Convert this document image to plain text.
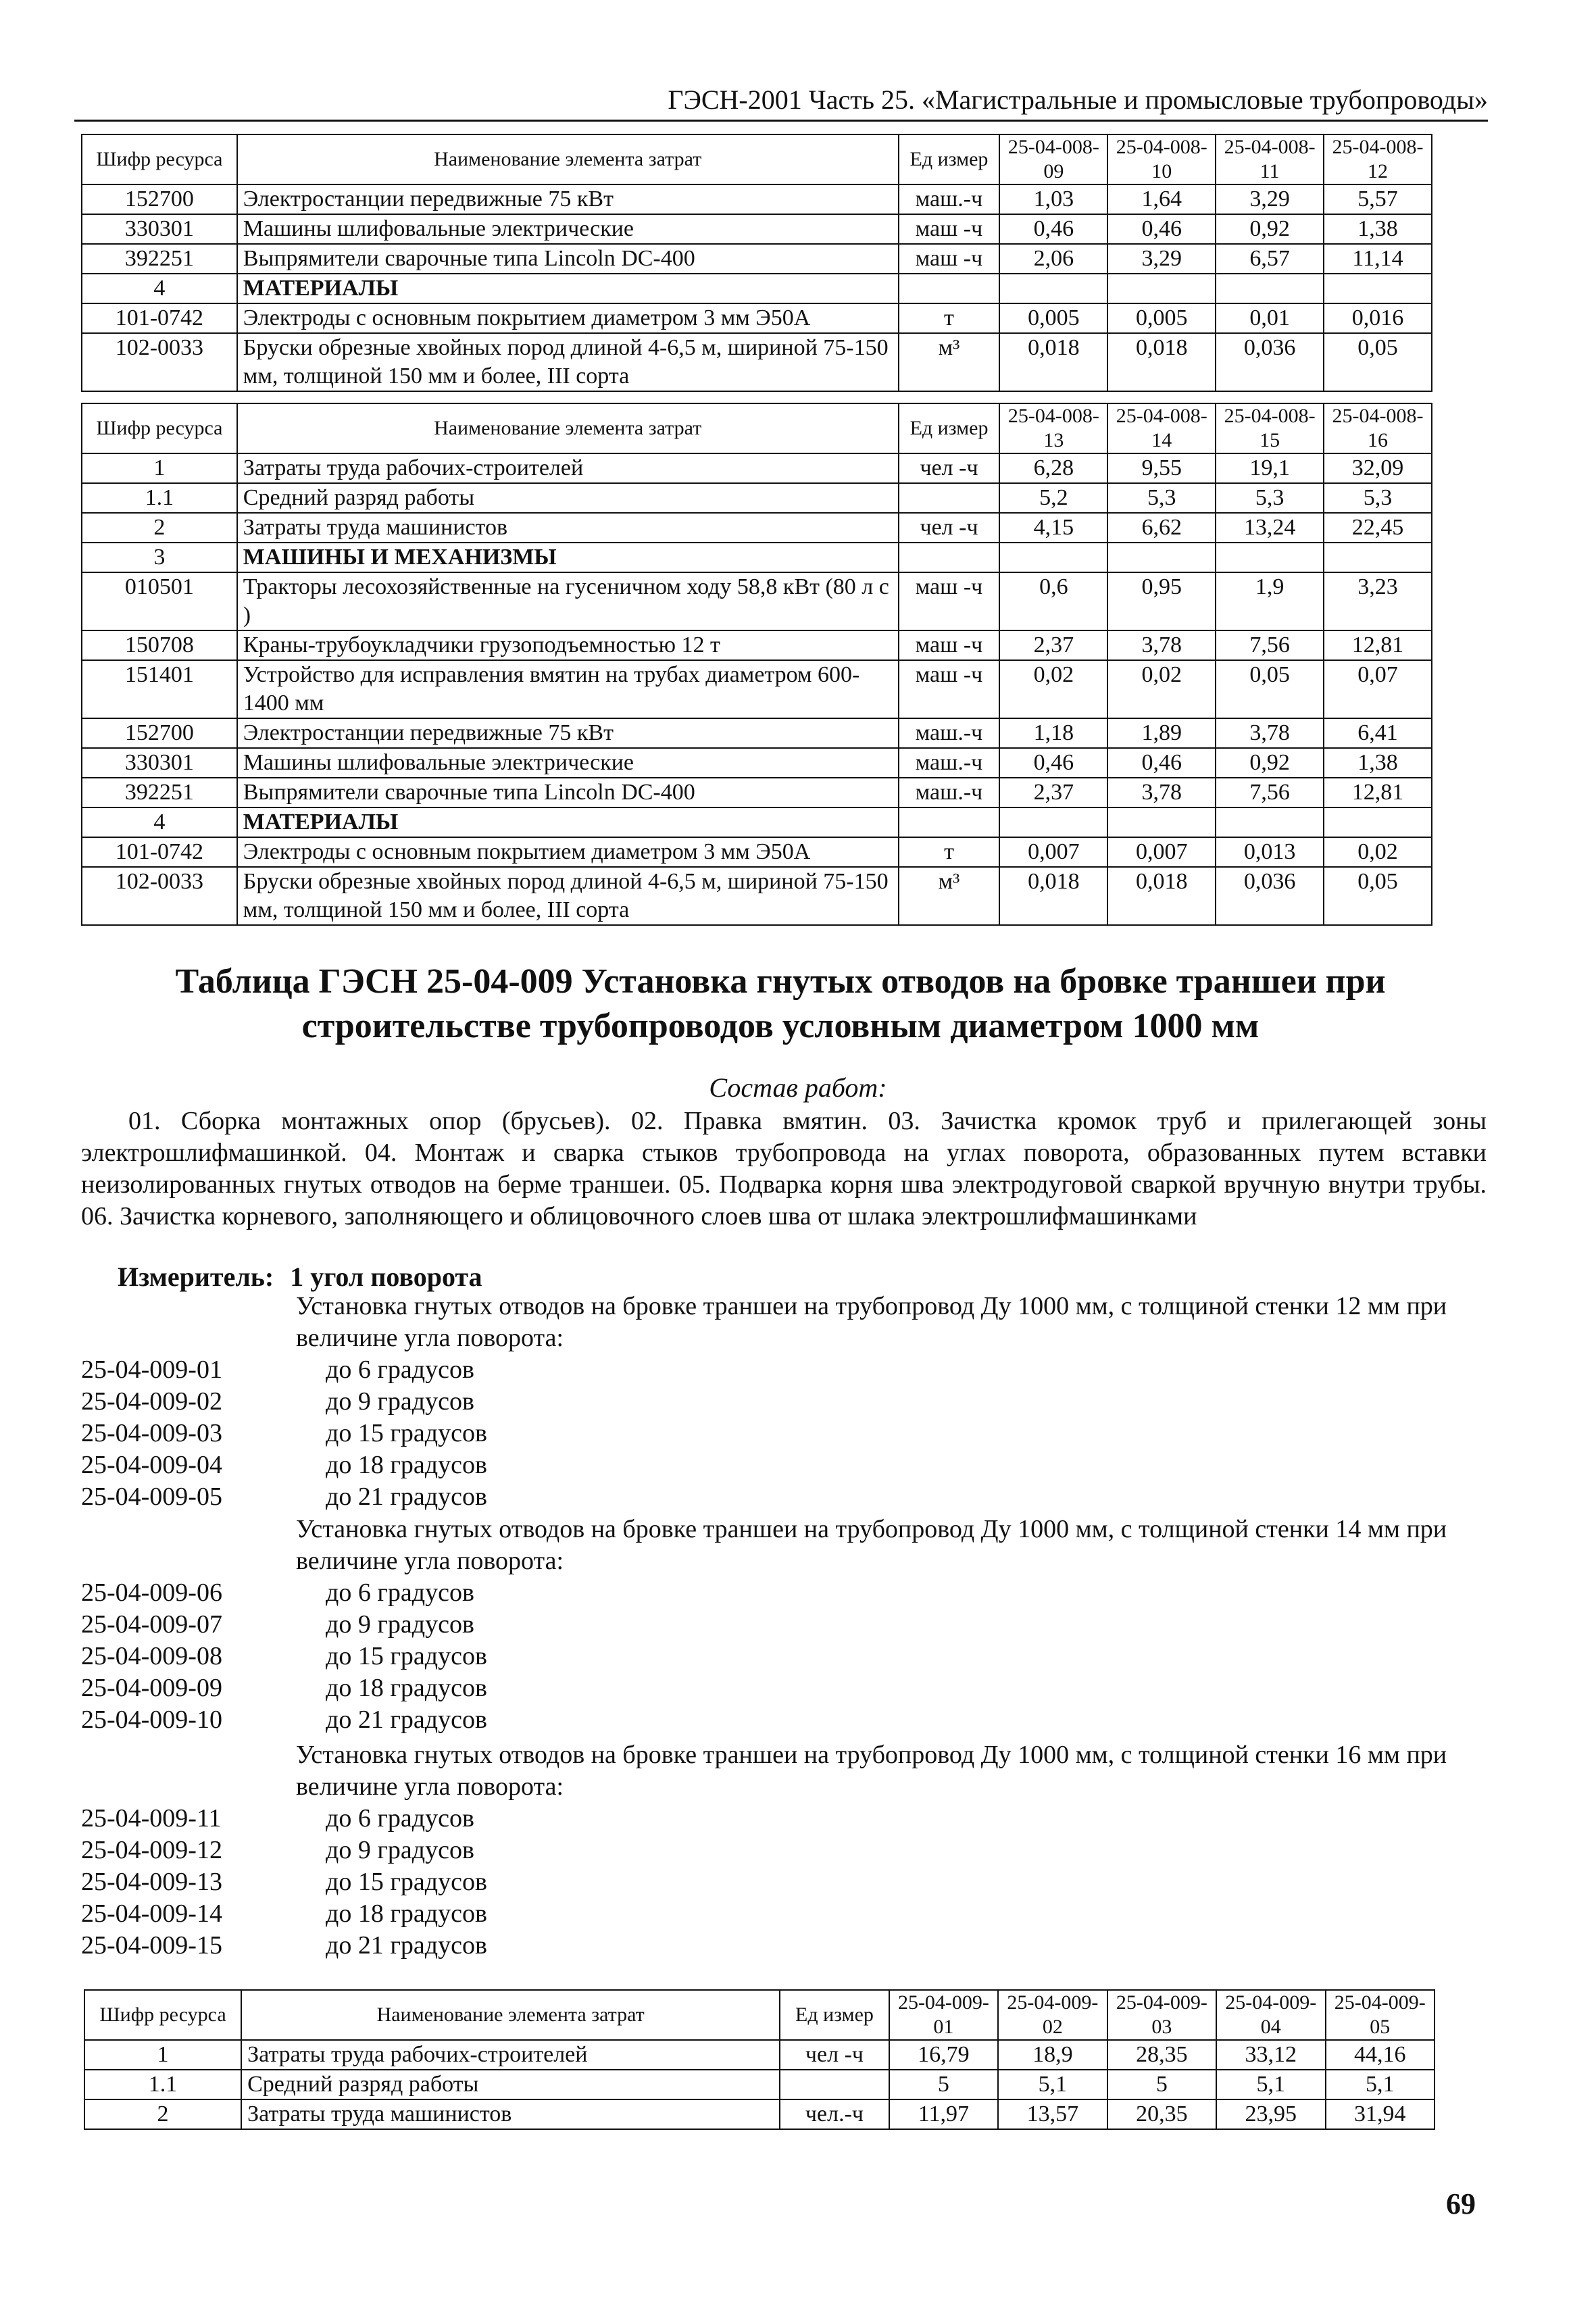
ГЭСН-2001 Часть 25. «Магистральные и промысловые трубопроводы»
Шифр ресурса	Наименование элемента затрат	Ед измер	25-04-008-09	25-04-008-10	25-04-008-11	25-04-008-12
152700	Электростанции передвижные 75 кВт	маш.-ч	1,03	1,64	3,29	5,57
330301	Машины шлифовальные электрические	маш -ч	0,46	0,46	0,92	1,38
392251	Выпрямители сварочные типа Lincoln DC-400	маш -ч	2,06	3,29	6,57	11,14
4	МАТЕРИАЛЫ					
101-0742	Электроды с основным покрытием диаметром 3 мм Э50А	т	0,005	0,005	0,01	0,016
102-0033	Бруски обрезные хвойных пород длиной 4-6,5 м, шириной 75-150 мм, толщиной 150 мм и более, III сорта	м³	0,018	0,018	0,036	0,05
Шифр ресурса	Наименование элемента затрат	Ед измер	25-04-008-13	25-04-008-14	25-04-008-15	25-04-008-16
1	Затраты труда рабочих-строителей	чел -ч	6,28	9,55	19,1	32,09
1.1	Средний разряд работы		5,2	5,3	5,3	5,3
2	Затраты труда машинистов	чел -ч	4,15	6,62	13,24	22,45
3	МАШИНЫ И МЕХАНИЗМЫ					
010501	Тракторы лесохозяйственные на гусеничном ходу 58,8 кВт (80 л с )	маш -ч	0,6	0,95	1,9	3,23
150708	Краны-трубоукладчики грузоподъемностью 12 т	маш -ч	2,37	3,78	7,56	12,81
151401	Устройство для исправления вмятин на трубах диаметром 600-1400 мм	маш -ч	0,02	0,02	0,05	0,07
152700	Электростанции передвижные 75 кВт	маш.-ч	1,18	1,89	3,78	6,41
330301	Машины шлифовальные электрические	маш.-ч	0,46	0,46	0,92	1,38
392251	Выпрямители сварочные типа Lincoln DC-400	маш.-ч	2,37	3,78	7,56	12,81
4	МАТЕРИАЛЫ					
101-0742	Электроды с основным покрытием диаметром 3 мм Э50А	т	0,007	0,007	0,013	0,02
102-0033	Бруски обрезные хвойных пород длиной 4-6,5 м, шириной 75-150 мм, толщиной 150 мм и более, III сорта	м³	0,018	0,018	0,036	0,05
Таблица ГЭСН 25-04-009 Установка гнутых отводов на бровке траншеи при строительстве трубопроводов условным диаметром 1000 мм
Состав работ:
01. Сборка монтажных опор (брусьев). 02. Правка вмятин. 03. Зачистка кромок труб и прилегающей зоны электрошлифмашинкой. 04. Монтаж и сварка стыков трубопровода на углах поворота, образованных путем вставки неизолированных гнутых отводов на берме траншеи. 05. Подварка корня шва электродуговой сваркой вручную внутри трубы. 06. Зачистка корневого, заполняющего и облицовочного слоев шва от шлака электрошлифмашинками
Измеритель: 1 угол поворота
Установка гнутых отводов на бровке траншеи на трубопровод Ду 1000 мм, с толщиной стенки 12 мм при величине угла поворота:
25-04-009-01	до 6 градусов
25-04-009-02	до 9 градусов
25-04-009-03	до 15 градусов
25-04-009-04	до 18 градусов
25-04-009-05	до 21 градусов
Установка гнутых отводов на бровке траншеи на трубопровод Ду 1000 мм, с толщиной стенки 14 мм при величине угла поворота:
25-04-009-06	до 6 градусов
25-04-009-07	до 9 градусов
25-04-009-08	до 15 градусов
25-04-009-09	до 18 градусов
25-04-009-10	до 21 градусов
Установка гнутых отводов на бровке траншеи на трубопровод Ду 1000 мм, с толщиной стенки 16 мм при величине угла поворота:
25-04-009-11	до 6 градусов
25-04-009-12	до 9 градусов
25-04-009-13	до 15 градусов
25-04-009-14	до 18 градусов
25-04-009-15	до 21 градусов
Шифр ресурса	Наименование элемента затрат	Ед измер	25-04-009-01	25-04-009-02	25-04-009-03	25-04-009-04	25-04-009-05
1	Затраты труда рабочих-строителей	чел -ч	16,79	18,9	28,35	33,12	44,16
1.1	Средний разряд работы		5	5,1	5	5,1	5,1
2	Затраты труда машинистов	чел.-ч	11,97	13,57	20,35	23,95	31,94
69
